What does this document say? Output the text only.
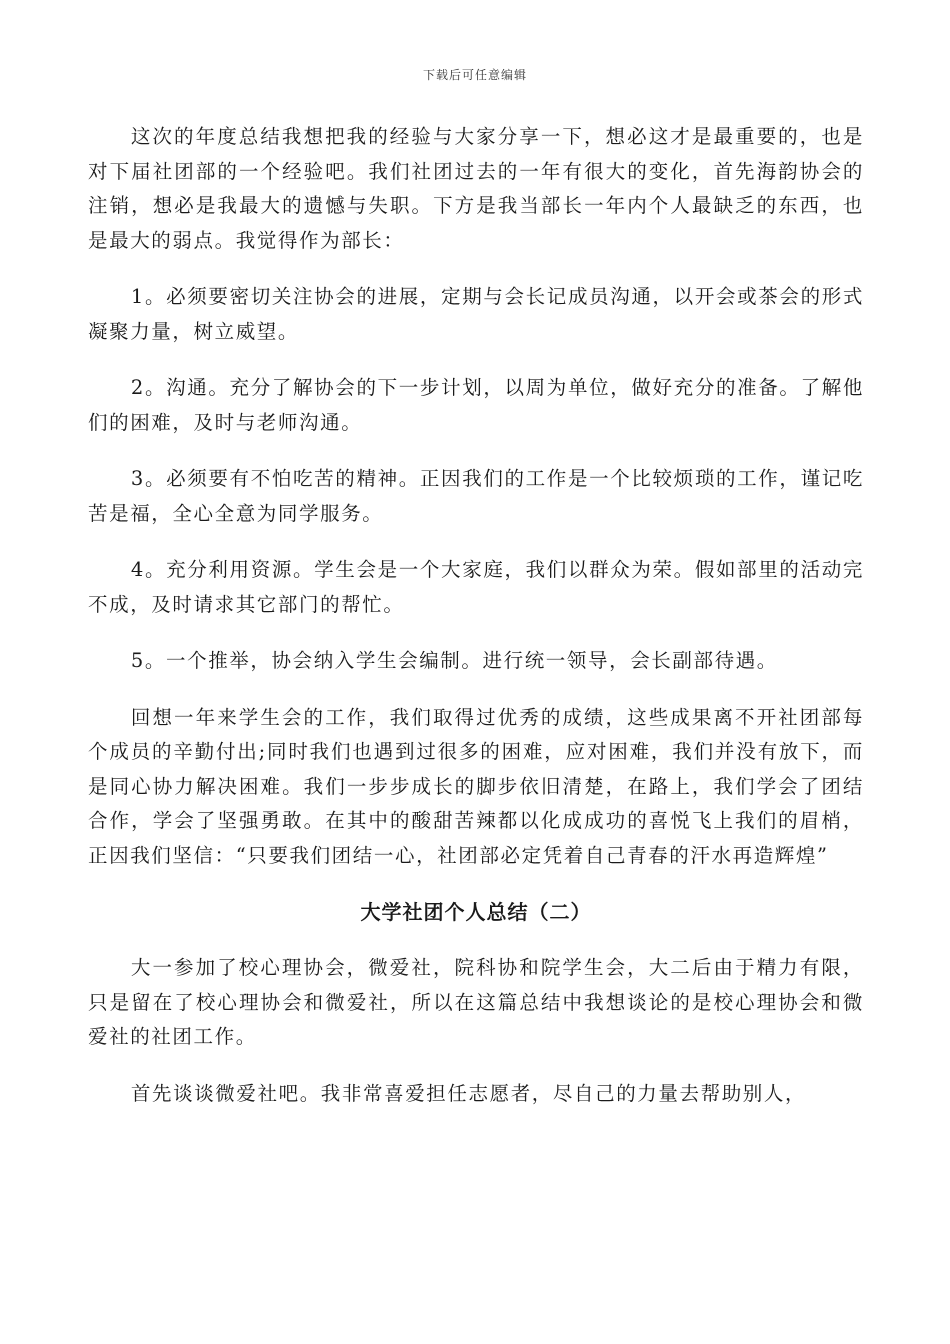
下载后可任意编辑

这次的年度总结我想把我的经验与大家分享一下，想必这才是最重要的，也是对下届社团部的一个经验吧。我们社团过去的一年有很大的变化，首先海韵协会的注销，想必是我最大的遗憾与失职。下方是我当部长一年内个人最缺乏的东西，也是最大的弱点。我觉得作为部长：

1。必须要密切关注协会的进展，定期与会长记成员沟通，以开会或茶会的形式凝聚力量，树立威望。

2。沟通。充分了解协会的下一步计划，以周为单位，做好充分的准备。了解他们的困难，及时与老师沟通。

3。必须要有不怕吃苦的精神。正因我们的工作是一个比较烦琐的工作，谨记吃苦是福，全心全意为同学服务。

4。充分利用资源。学生会是一个大家庭，我们以群众为荣。假如部里的活动完不成，及时请求其它部门的帮忙。

5。一个推举，协会纳入学生会编制。进行统一领导，会长副部待遇。

回想一年来学生会的工作，我们取得过优秀的成绩，这些成果离不开社团部每个成员的辛勤付出;同时我们也遇到过很多的困难，应对困难，我们并没有放下，而是同心协力解决困难。我们一步步成长的脚步依旧清楚，在路上，我们学会了团结合作，学会了坚强勇敢。在其中的酸甜苦辣都以化成成功的喜悦飞上我们的眉梢，正因我们坚信：“只要我们团结一心，社团部必定凭着自己青春的汗水再造辉煌”

大学社团个人总结（二）

大一参加了校心理协会，微爱社，院科协和院学生会，大二后由于精力有限，只是留在了校心理协会和微爱社，所以在这篇总结中我想谈论的是校心理协会和微爱社的社团工作。

首先谈谈微爱社吧。我非常喜爱担任志愿者，尽自己的力量去帮助别人，
